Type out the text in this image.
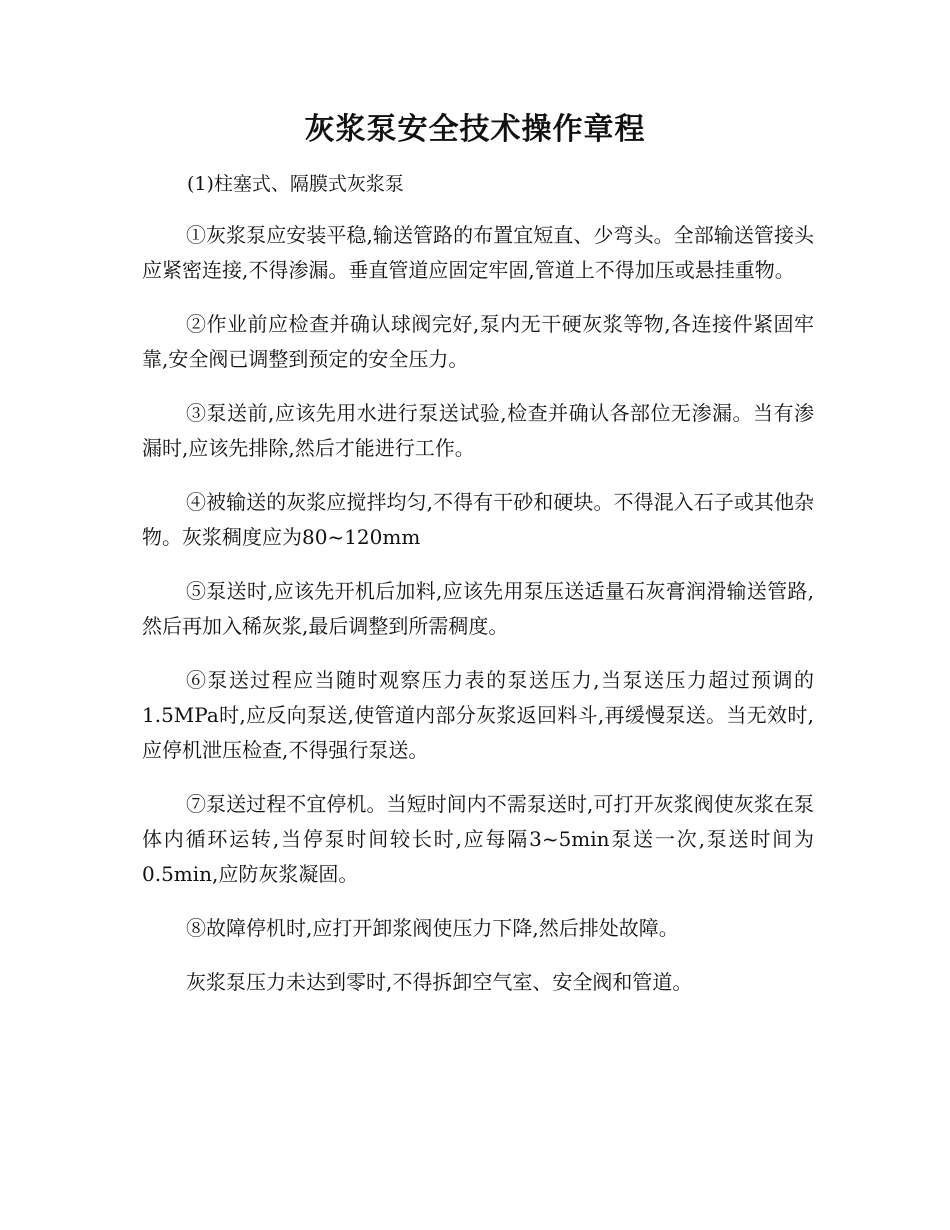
灰浆泵安全技术操作章程

(1)柱塞式、隔膜式灰浆泵

①灰浆泵应安装平稳,输送管路的布置宜短直、少弯头。全部输送管接头应紧密连接,不得渗漏。垂直管道应固定牢固,管道上不得加压或悬挂重物。

②作业前应检查并确认球阀完好,泵内无干硬灰浆等物,各连接件紧固牢靠,安全阀已调整到预定的安全压力。

③泵送前,应该先用水进行泵送试验,检查并确认各部位无渗漏。当有渗漏时,应该先排除,然后才能进行工作。

④被输送的灰浆应搅拌均匀,不得有干砂和硬块。不得混入石子或其他杂物。灰浆稠度应为80~120mm

⑤泵送时,应该先开机后加料,应该先用泵压送适量石灰膏润滑输送管路,然后再加入稀灰浆,最后调整到所需稠度。

⑥泵送过程应当随时观察压力表的泵送压力,当泵送压力超过预调的1.5MPa时,应反向泵送,使管道内部分灰浆返回料斗,再缓慢泵送。当无效时,应停机泄压检查,不得强行泵送。

⑦泵送过程不宜停机。当短时间内不需泵送时,可打开灰浆阀使灰浆在泵体内循环运转,当停泵时间较长时,应每隔3~5min泵送一次,泵送时间为0.5min,应防灰浆凝固。

⑧故障停机时,应打开卸浆阀使压力下降,然后排处故障。

灰浆泵压力未达到零时,不得拆卸空气室、安全阀和管道。
